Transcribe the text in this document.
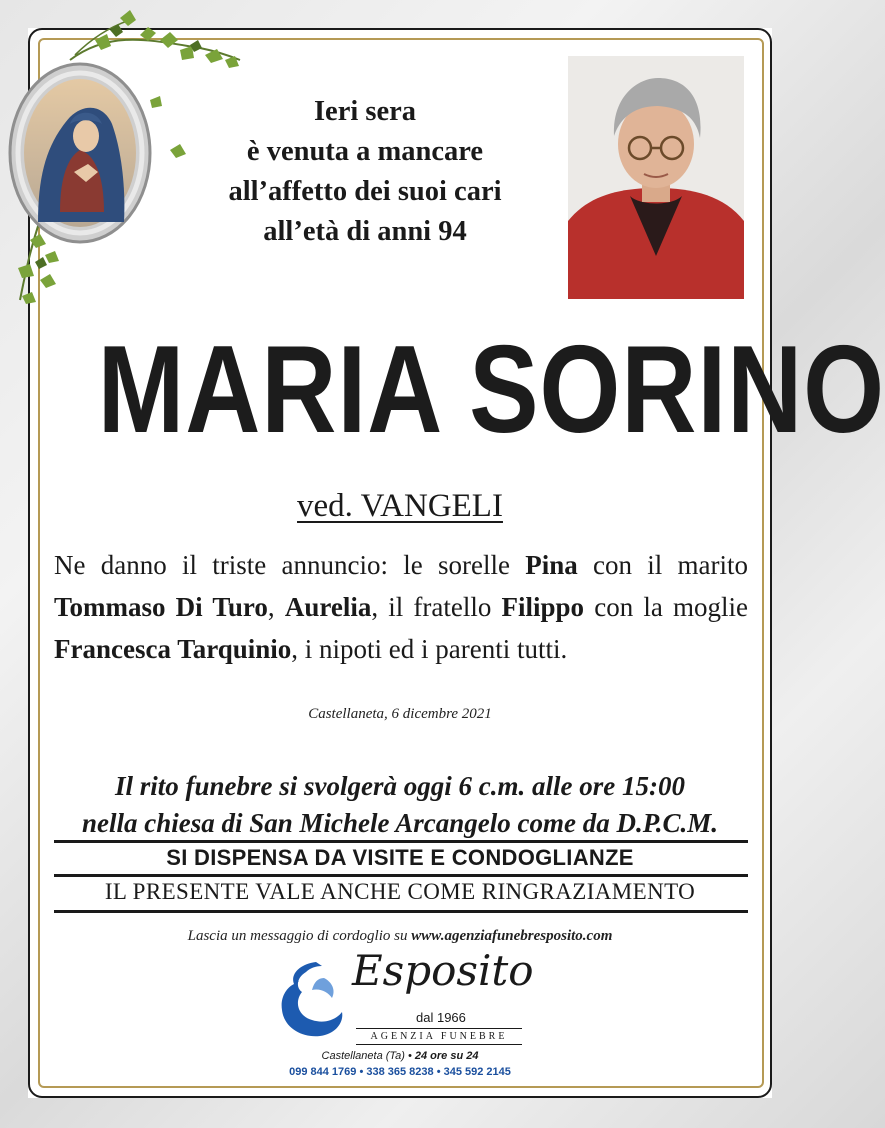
Ieri sera
è venuta a mancare
all’affetto dei suoi cari
all’età di anni 94
MARIA SORINO
ved. VANGELI
Ne danno il triste annuncio: le sorelle Pina con il marito
Tommaso Di Turo, Aurelia, il fratello Filippo con la moglie
Francesca Tarquinio, i nipoti ed i parenti tutti.
Castellaneta, 6 dicembre 2021
Il rito funebre si svolgerà oggi 6 c.m. alle ore 15:00
nella chiesa di San Michele Arcangelo come da D.P.C.M.
SI DISPENSA DA VISITE E CONDOGLIANZE
IL PRESENTE VALE ANCHE COME RINGRAZIAMENTO
Lascia un messaggio di cordoglio su www.agenziafunebresposito.com
Esposito
dal 1966
AGENZIA FUNEBRE
Castellaneta (Ta) • 24 ore su 24
099 844 1769 • 338 365 8238 • 345 592 2145
